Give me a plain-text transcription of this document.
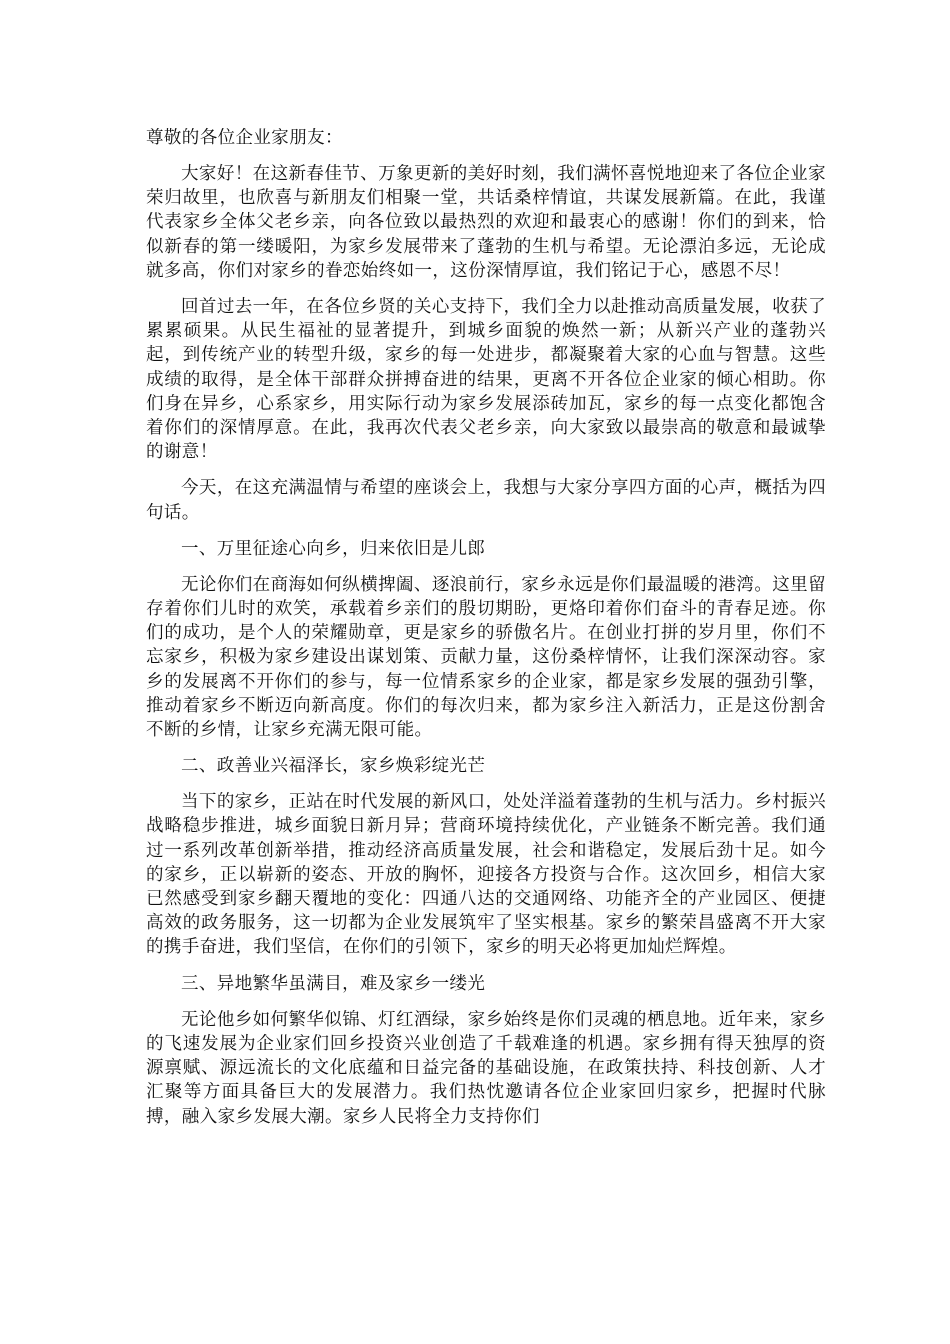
尊敬的各位企业家朋友：

大家好！在这新春佳节、万象更新的美好时刻，我们满怀喜悦地迎来了各位企业家荣归故里，也欣喜与新朋友们相聚一堂，共话桑梓情谊，共谋发展新篇。在此，我谨代表家乡全体父老乡亲，向各位致以最热烈的欢迎和最衷心的感谢！你们的到来，恰似新春的第一缕暖阳，为家乡发展带来了蓬勃的生机与希望。无论漂泊多远，无论成就多高，你们对家乡的眷恋始终如一，这份深情厚谊，我们铭记于心，感恩不尽！

回首过去一年，在各位乡贤的关心支持下，我们全力以赴推动高质量发展，收获了累累硕果。从民生福祉的显著提升，到城乡面貌的焕然一新；从新兴产业的蓬勃兴起，到传统产业的转型升级，家乡的每一处进步，都凝聚着大家的心血与智慧。这些成绩的取得，是全体干部群众拼搏奋进的结果，更离不开各位企业家的倾心相助。你们身在异乡，心系家乡，用实际行动为家乡发展添砖加瓦，家乡的每一点变化都饱含着你们的深情厚意。在此，我再次代表父老乡亲，向大家致以最崇高的敬意和最诚挚的谢意！

今天，在这充满温情与希望的座谈会上，我想与大家分享四方面的心声，概括为四句话。

一、万里征途心向乡，归来依旧是儿郎

无论你们在商海如何纵横捭阖、逐浪前行，家乡永远是你们最温暖的港湾。这里留存着你们儿时的欢笑，承载着乡亲们的殷切期盼，更烙印着你们奋斗的青春足迹。你们的成功，是个人的荣耀勋章，更是家乡的骄傲名片。在创业打拼的岁月里，你们不忘家乡，积极为家乡建设出谋划策、贡献力量，这份桑梓情怀，让我们深深动容。家乡的发展离不开你们的参与，每一位情系家乡的企业家，都是家乡发展的强劲引擎，推动着家乡不断迈向新高度。你们的每次归来，都为家乡注入新活力，正是这份割舍不断的乡情，让家乡充满无限可能。

二、政善业兴福泽长，家乡焕彩绽光芒

当下的家乡，正站在时代发展的新风口，处处洋溢着蓬勃的生机与活力。乡村振兴战略稳步推进，城乡面貌日新月异；营商环境持续优化，产业链条不断完善。我们通过一系列改革创新举措，推动经济高质量发展，社会和谐稳定，发展后劲十足。如今的家乡，正以崭新的姿态、开放的胸怀，迎接各方投资与合作。这次回乡，相信大家已然感受到家乡翻天覆地的变化：四通八达的交通网络、功能齐全的产业园区、便捷高效的政务服务，这一切都为企业发展筑牢了坚实根基。家乡的繁荣昌盛离不开大家的携手奋进，我们坚信，在你们的引领下，家乡的明天必将更加灿烂辉煌。

三、异地繁华虽满目，难及家乡一缕光

无论他乡如何繁华似锦、灯红酒绿，家乡始终是你们灵魂的栖息地。近年来，家乡的飞速发展为企业家们回乡投资兴业创造了千载难逢的机遇。家乡拥有得天独厚的资源禀赋、源远流长的文化底蕴和日益完备的基础设施，在政策扶持、科技创新、人才汇聚等方面具备巨大的发展潜力。我们热忱邀请各位企业家回归家乡，把握时代脉搏，融入家乡发展大潮。家乡人民将全力支持你们
